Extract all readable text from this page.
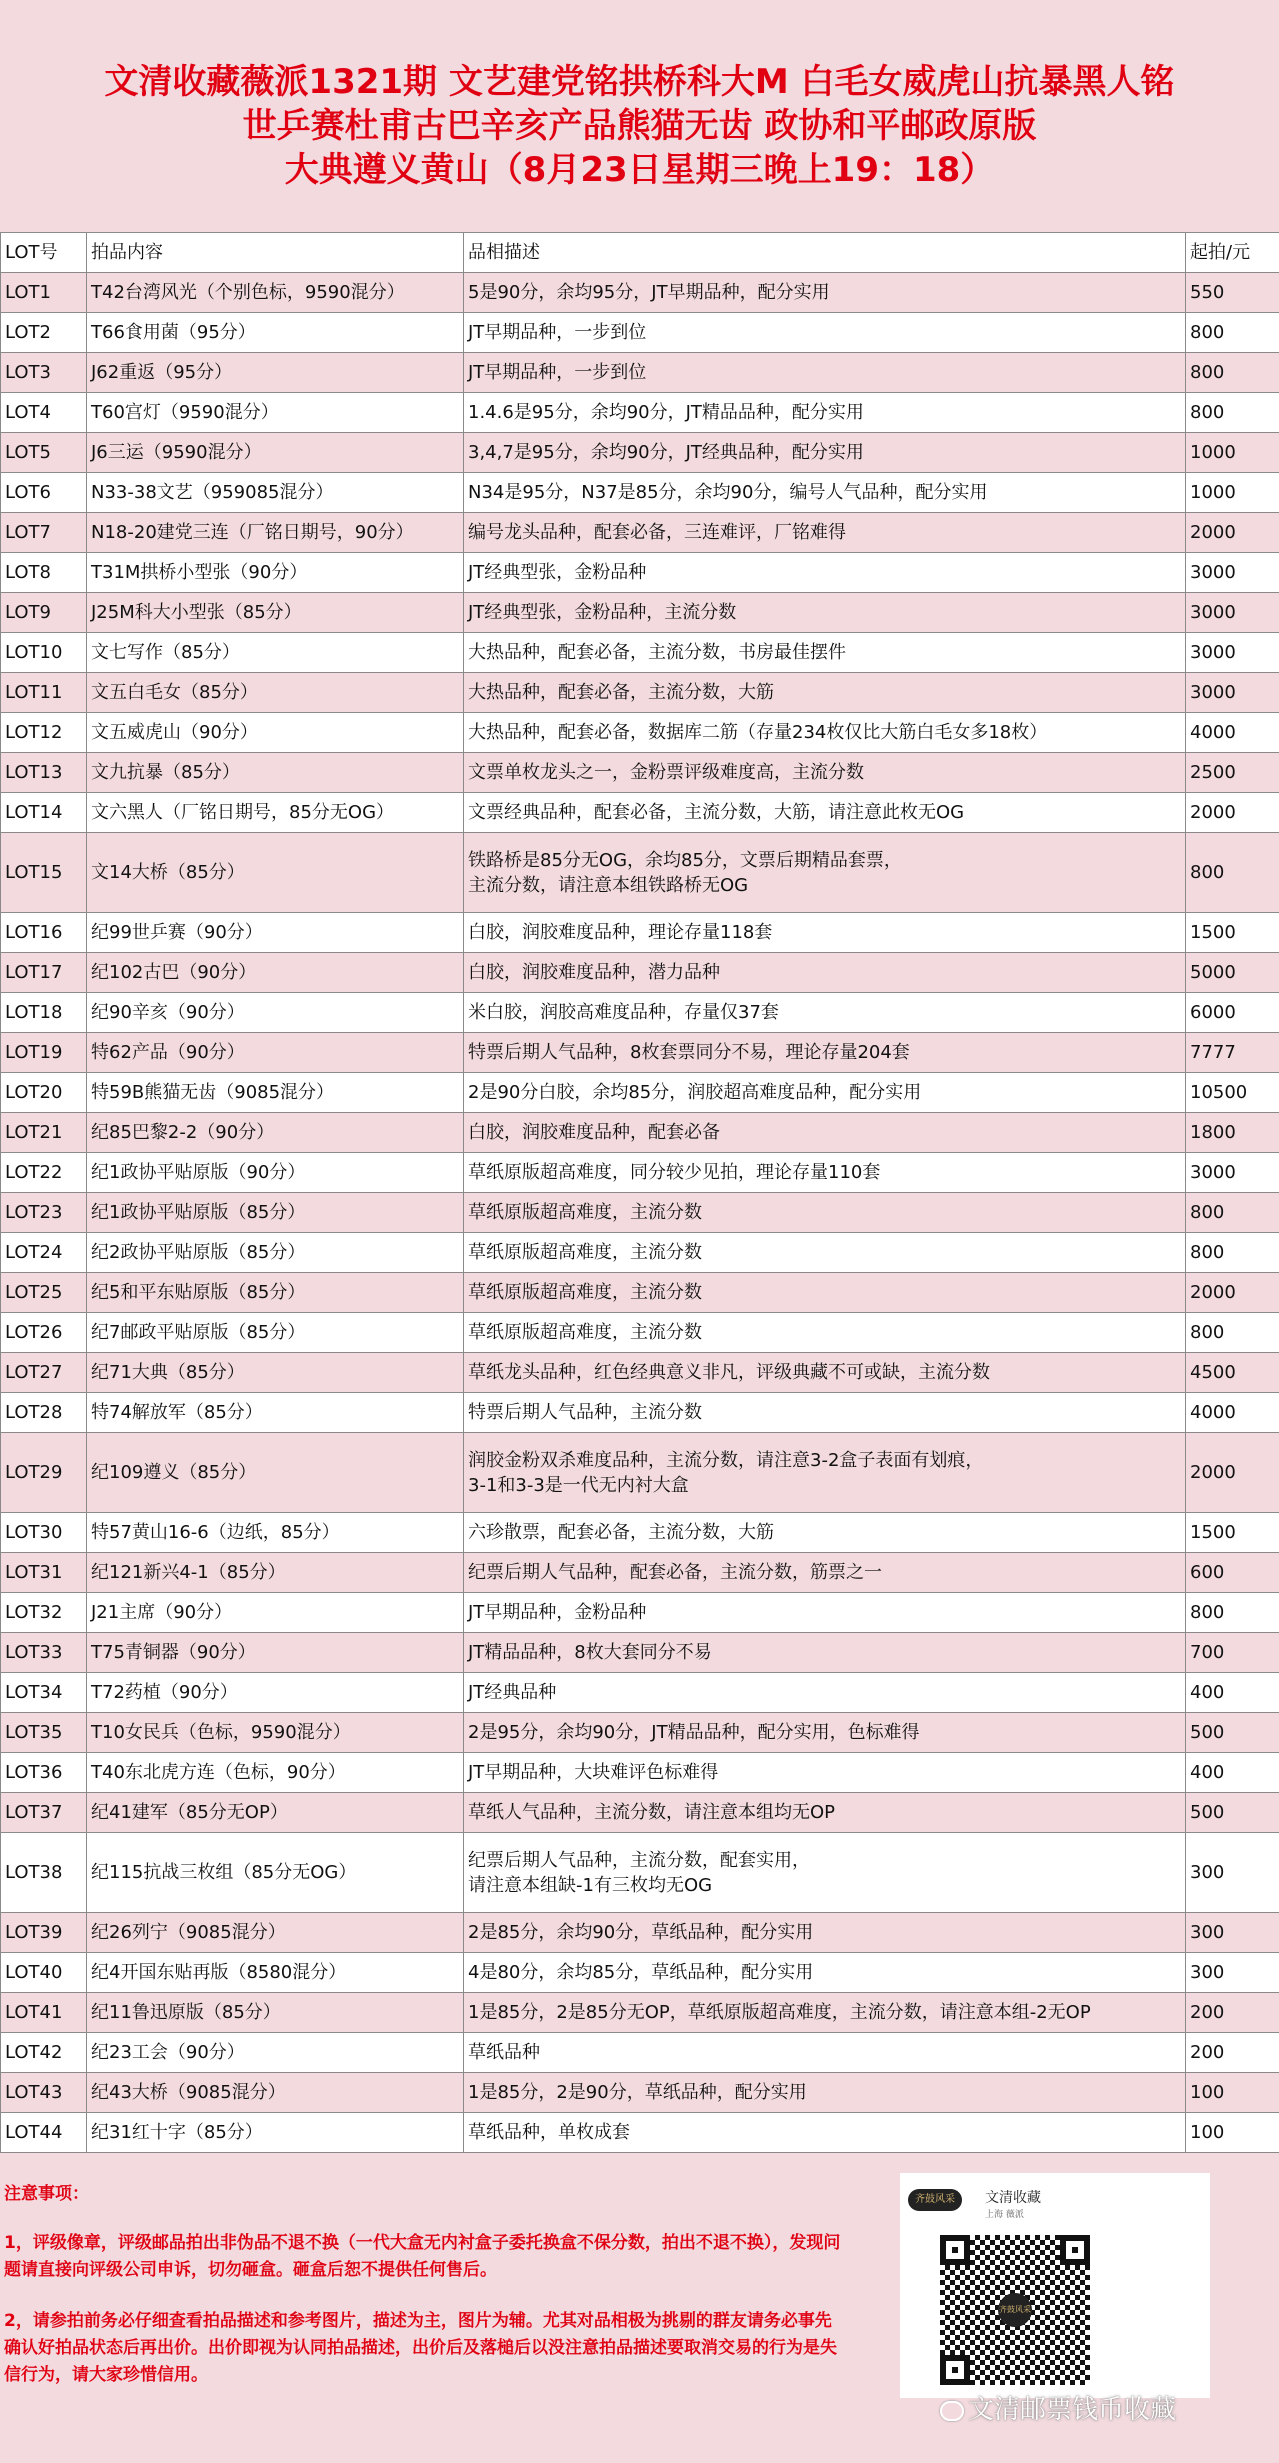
文清收藏薇派1321期 文艺建党铭拱桥科大M 白毛女威虎山抗暴黑人铭
世乒赛杜甫古巴辛亥产品熊猫无齿 政协和平邮政原版
大典遵义黄山（8月23日星期三晚上19：18）
LOT号	拍品内容	品相描述	起拍/元
LOT1	T42台湾风光（个别色标，9590混分）	5是90分，余均95分，JT早期品种，配分实用	550
LOT2	T66食用菌（95分）	JT早期品种，一步到位	800
LOT3	J62重返（95分）	JT早期品种，一步到位	800
LOT4	T60宫灯（9590混分）	1.4.6是95分，余均90分，JT精品品种，配分实用	800
LOT5	J6三运（9590混分）	3,4,7是95分，余均90分，JT经典品种，配分实用	1000
LOT6	N33-38文艺（959085混分）	N34是95分，N37是85分，余均90分，编号人气品种，配分实用	1000
LOT7	N18-20建党三连（厂铭日期号，90分）	编号龙头品种，配套必备，三连难评，厂铭难得	2000
LOT8	T31M拱桥小型张（90分）	JT经典型张，金粉品种	3000
LOT9	J25M科大小型张（85分）	JT经典型张，金粉品种，主流分数	3000
LOT10	文七写作（85分）	大热品种，配套必备，主流分数，书房最佳摆件	3000
LOT11	文五白毛女（85分）	大热品种，配套必备，主流分数，大筋	3000
LOT12	文五威虎山（90分）	大热品种，配套必备，数据库二筋（存量234枚仅比大筋白毛女多18枚）	4000
LOT13	文九抗暴（85分）	文票单枚龙头之一，金粉票评级难度高，主流分数	2500
LOT14	文六黑人（厂铭日期号，85分无OG）	文票经典品种，配套必备，主流分数，大筋，请注意此枚无OG	2000
LOT15	文14大桥（85分）	铁路桥是85分无OG，余均85分，文票后期精品套票，
主流分数，请注意本组铁路桥无OG	800
LOT16	纪99世乒赛（90分）	白胶，润胶难度品种，理论存量118套	1500
LOT17	纪102古巴（90分）	白胶，润胶难度品种，潜力品种	5000
LOT18	纪90辛亥（90分）	米白胶，润胶高难度品种，存量仅37套	6000
LOT19	特62产品（90分）	特票后期人气品种，8枚套票同分不易，理论存量204套	7777
LOT20	特59B熊猫无齿（9085混分）	2是90分白胶，余均85分，润胶超高难度品种，配分实用	10500
LOT21	纪85巴黎2-2（90分）	白胶，润胶难度品种，配套必备	1800
LOT22	纪1政协平贴原版（90分）	草纸原版超高难度，同分较少见拍，理论存量110套	3000
LOT23	纪1政协平贴原版（85分）	草纸原版超高难度，主流分数	800
LOT24	纪2政协平贴原版（85分）	草纸原版超高难度，主流分数	800
LOT25	纪5和平东贴原版（85分）	草纸原版超高难度，主流分数	2000
LOT26	纪7邮政平贴原版（85分）	草纸原版超高难度，主流分数	800
LOT27	纪71大典（85分）	草纸龙头品种，红色经典意义非凡，评级典藏不可或缺，主流分数	4500
LOT28	特74解放军（85分）	特票后期人气品种，主流分数	4000
LOT29	纪109遵义（85分）	润胶金粉双杀难度品种，主流分数，请注意3-2盒子表面有划痕，
3-1和3-3是一代无内衬大盒	2000
LOT30	特57黄山16-6（边纸，85分）	六珍散票，配套必备，主流分数，大筋	1500
LOT31	纪121新兴4-1（85分）	纪票后期人气品种，配套必备，主流分数，筋票之一	600
LOT32	J21主席（90分）	JT早期品种，金粉品种	800
LOT33	T75青铜器（90分）	JT精品品种，8枚大套同分不易	700
LOT34	T72药植（90分）	JT经典品种	400
LOT35	T10女民兵（色标，9590混分）	2是95分，余均90分，JT精品品种，配分实用，色标难得	500
LOT36	T40东北虎方连（色标，90分）	JT早期品种，大块难评色标难得	400
LOT37	纪41建军（85分无OP）	草纸人气品种，主流分数，请注意本组均无OP	500
LOT38	纪115抗战三枚组（85分无OG）	纪票后期人气品种，主流分数，配套实用，
请注意本组缺-1有三枚均无OG	300
LOT39	纪26列宁（9085混分）	2是85分，余均90分，草纸品种，配分实用	300
LOT40	纪4开国东贴再版（8580混分）	4是80分，余均85分，草纸品种，配分实用	300
LOT41	纪11鲁迅原版（85分）	1是85分，2是85分无OP，草纸原版超高难度，主流分数，请注意本组-2无OP	200
LOT42	纪23工会（90分）	草纸品种	200
LOT43	纪43大桥（9085混分）	1是85分，2是90分，草纸品种，配分实用	100
LOT44	纪31红十字（85分）	草纸品种，单枚成套	100

注意事项：

1，评级像章，评级邮品拍出非伪品不退不换（一代大盒无内衬盒子委托换盒不保分数，拍出不退不换），发现问题请直接向评级公司申诉，切勿砸盒。砸盒后恕不提供任何售后。

2，请参拍前务必仔细查看拍品描述和参考图片，描述为主，图片为辅。尤其对品相极为挑剔的群友请务必事先确认好拍品状态后再出价。出价即视为认同拍品描述，出价后及落槌后以没注意拍品描述要取消交易的行为是失信行为，请大家珍惜信用。

齐鼓风采	文清收藏
上海 薇派
齐鼓风采
文清邮票钱币收藏
